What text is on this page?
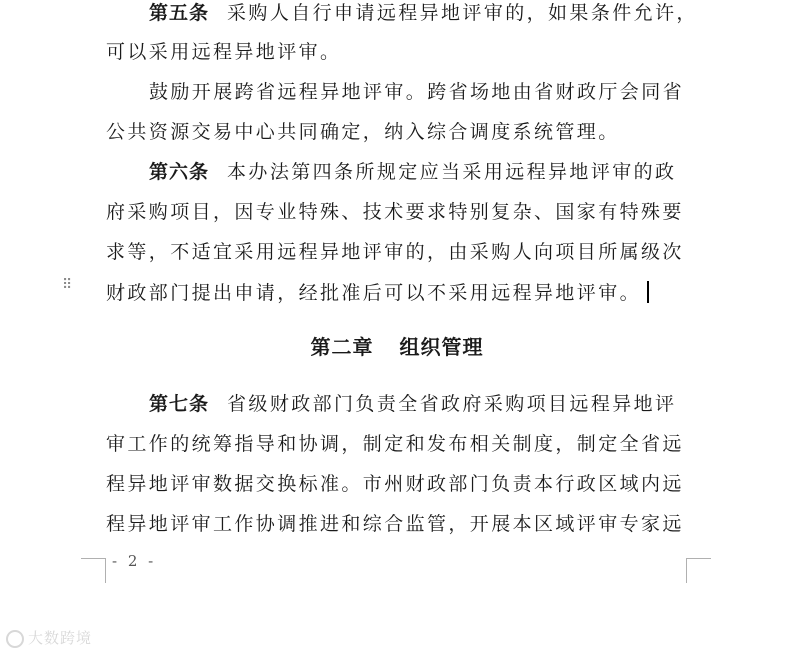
第五条 采购人自行申请远程异地评审的，如果条件允许，
可以采用远程异地评审。
鼓励开展跨省远程异地评审。跨省场地由省财政厅会同省
公共资源交易中心共同确定，纳入综合调度系统管理。
第六条 本办法第四条所规定应当采用远程异地评审的政
府采购项目，因专业特殊、技术要求特别复杂、国家有特殊要
求等，不适宜采用远程异地评审的，由采购人向项目所属级次
财政部门提出申请，经批准后可以不采用远程异地评审。
⠿
第二章 组织管理
第七条 省级财政部门负责全省政府采购项目远程异地评
审工作的统筹指导和协调，制定和发布相关制度，制定全省远
程异地评审数据交换标准。市州财政部门负责本行政区域内远
程异地评审工作协调推进和综合监管，开展本区域评审专家远
- 2 -
大数跨境
